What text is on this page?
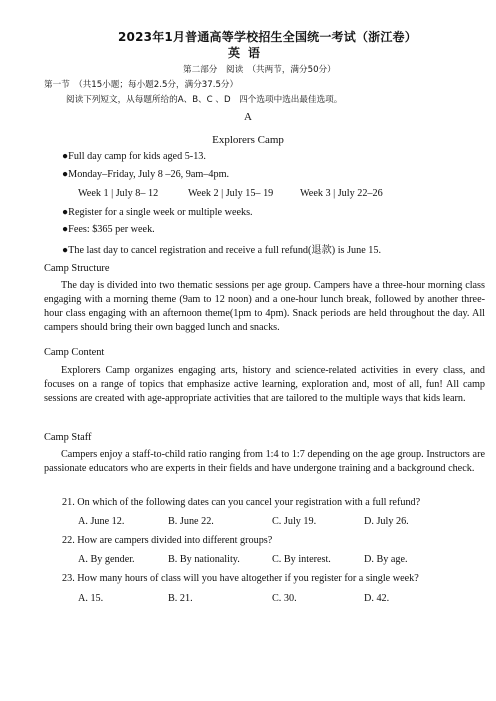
2023年1月普通高等学校招生全国统一考试（浙江卷）
英语
第二部分　阅读　（共两节，满分50分）
第一节　（共15小题；每小题2.5分，满分37.5分）
阅读下列短文，从每题所给的A、B、C 、D　四个选项中选出最佳选项。
A
Explorers Camp
●Full day camp for kids aged 5-13.
●Monday–Friday, July 8 –26, 9am–4pm.
Week 1 | July 8– 12	Week 2 | July 15– 19	Week 3 | July 22–26
●Register for a single week or multiple weeks.
●Fees: $365 per week.
●The last day to cancel registration and receive a full refund(退款) is June 15.
Camp Structure
The day is divided into two thematic sessions per age group. Campers have a three-hour morning class engaging with a morning theme (9am to 12 noon) and a one-hour lunch break, followed by another three-hour class engaging with an afternoon theme(1pm to 4pm). Snack periods are held throughout the day. All campers should bring their own bagged lunch and snacks.
Camp Content
Explorers Camp organizes engaging arts, history and science-related activities in every class, and focuses on a range of topics that emphasize active learning, exploration and, most of all, fun! All camp sessions are created with age-appropriate activities that are tailored to the multiple ways that kids learn.
Camp Staff
Campers enjoy a staff-to-child ratio ranging from 1:4 to 1:7 depending on the age group. Instructors are passionate educators who are experts in their fields and have undergone training and a background check.
21. On which of the following dates can you cancel your registration with a full refund?
A. June 12.	B. June 22.	C. July 19.	D. July 26.
22. How are campers divided into different groups?
A. By gender.	B. By nationality.	C. By interest.	D. By age.
23. How many hours of class will you have altogether if you register for a single week?
A. 15.	B. 21.	C. 30.	D. 42.
